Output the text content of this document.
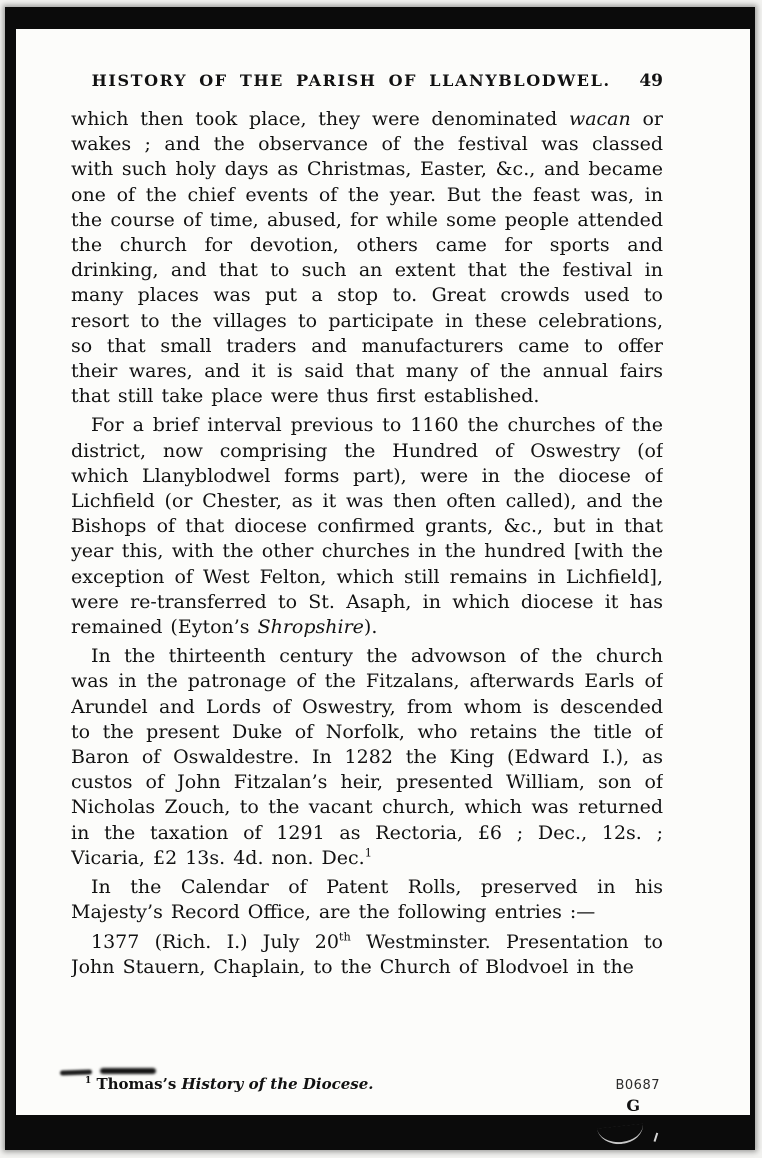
HISTORY OF THE PARISH OF LLANYBLODWEL.	49

which then took place, they were denominated wacan or wakes ; and the observance of the festival was classed with such holy days as Christmas, Easter, &c., and became one of the chief events of the year. But the feast was, in the course of time, abused, for while some people attended the church for devotion, others came for sports and drinking, and that to such an extent that the festival in many places was put a stop to. Great crowds used to resort to the villages to participate in these celebrations, so that small traders and manufacturers came to offer their wares, and it is said that many of the annual fairs that still take place were thus first established.

For a brief interval previous to 1160 the churches of the district, now comprising the Hundred of Oswestry (of which Llanyblodwel forms part), were in the diocese of Lichfield (or Chester, as it was then often called), and the Bishops of that diocese confirmed grants, &c., but in that year this, with the other churches in the hundred [with the exception of West Felton, which still remains in Lichfield], were re-transferred to St. Asaph, in which diocese it has remained (Eyton’s Shropshire).

In the thirteenth century the advowson of the church was in the patronage of the Fitzalans, afterwards Earls of Arundel and Lords of Oswestry, from whom is descended to the present Duke of Norfolk, who retains the title of Baron of Oswaldestre. In 1282 the King (Edward I.), as custos of John Fitzalan’s heir, presented William, son of Nicholas Zouch, to the vacant church, which was returned in the taxation of 1291 as Rectoria, £6 ; Dec., 12s. ; Vicaria, £2 13s. 4d. non. Dec.$^1$

In the Calendar of Patent Rolls, preserved in his Majesty’s Record Office, are the following entries :—

1377 (Rich. I.) July 20th Westminster. Presentation to John Stauern, Chaplain, to the Church of Blodvoel in the

$^1$ Thomas’s History of the Diocese.	B0687
G
